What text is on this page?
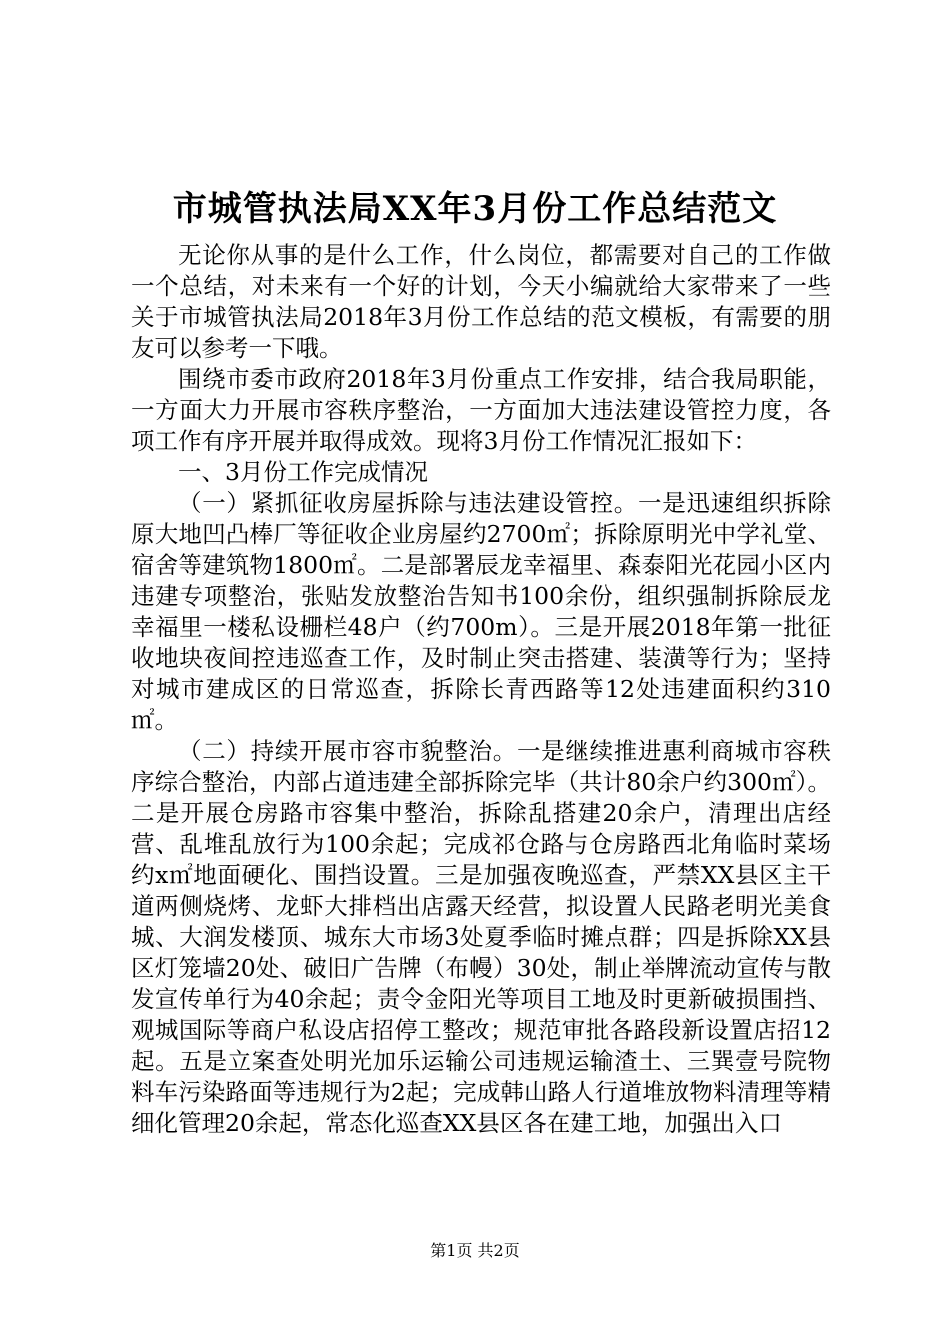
市城管执法局XX年3月份工作总结范文

无论你从事的是什么工作，什么岗位，都需要对自己的工作做一个总结，对未来有一个好的计划，今天小编就给大家带来了一些关于市城管执法局2018年3月份工作总结的范文模板，有需要的朋友可以参考一下哦。

围绕市委市政府2018年3月份重点工作安排，结合我局职能，一方面大力开展市容秩序整治，一方面加大违法建设管控力度，各项工作有序开展并取得成效。现将3月份工作情况汇报如下：

一、3月份工作完成情况

（一）紧抓征收房屋拆除与违法建设管控。一是迅速组织拆除原大地凹凸棒厂等征收企业房屋约2700㎡；拆除原明光中学礼堂、宿舍等建筑物1800㎡。二是部署辰龙幸福里、森泰阳光花园小区内违建专项整治，张贴发放整治告知书100余份，组织强制拆除辰龙幸福里一楼私设栅栏48户（约700m）。三是开展2018年第一批征收地块夜间控违巡查工作，及时制止突击搭建、装潢等行为；坚持对城市建成区的日常巡查，拆除长青西路等12处违建面积约310㎡。

（二）持续开展市容市貌整治。一是继续推进惠利商城市容秩序综合整治，内部占道违建全部拆除完毕（共计80余户约300㎡）。二是开展仓房路市容集中整治，拆除乱搭建20余户，清理出店经营、乱堆乱放行为100余起；完成祁仓路与仓房路西北角临时菜场约x㎡地面硬化、围挡设置。三是加强夜晚巡查，严禁XX县区主干道两侧烧烤、龙虾大排档出店露天经营，拟设置人民路老明光美食城、大润发楼顶、城东大市场3处夏季临时摊点群；四是拆除XX县区灯笼墙20处、破旧广告牌（布幔）30处，制止举牌流动宣传与散发宣传单行为40余起；责令金阳光等项目工地及时更新破损围挡、观城国际等商户私设店招停工整改；规范审批各路段新设置店招12起。五是立案查处明光加乐运输公司违规运输渣土、三巽壹号院物料车污染路面等违规行为2起；完成韩山路人行道堆放物料清理等精细化管理20余起，常态化巡查XX县区各在建工地，加强出入口

第1页 共2页
